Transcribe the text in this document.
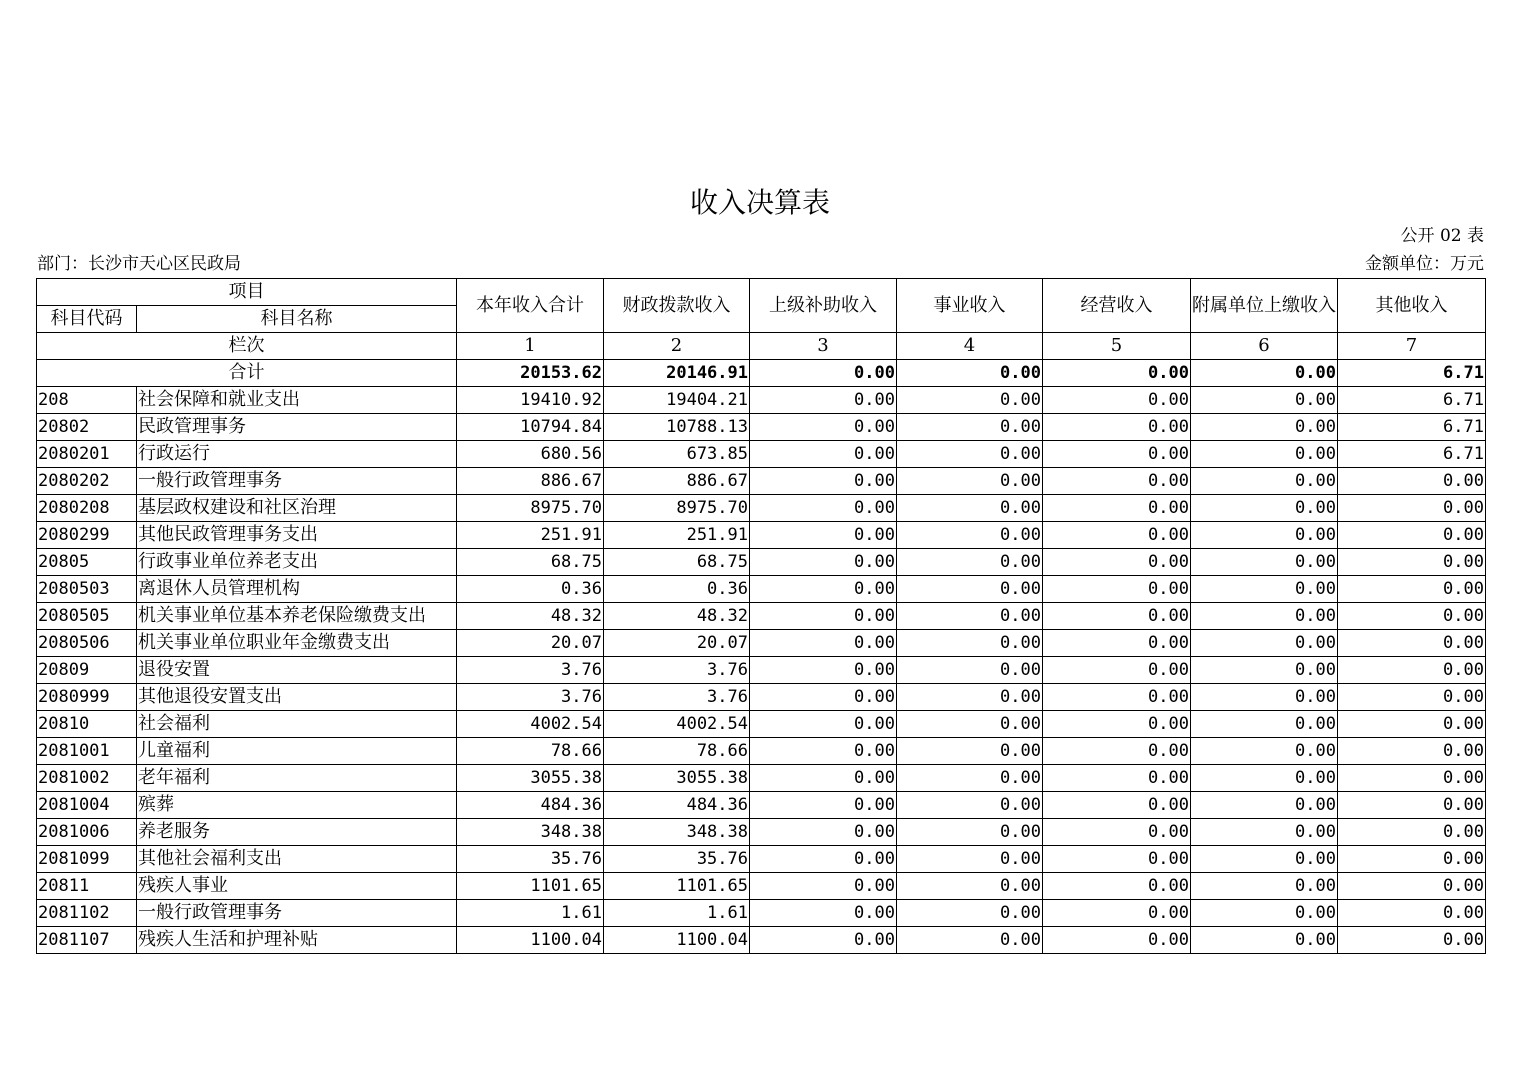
收入决算表
公开 02 表
部门：长沙市天心区民政局	金额单位：万元
项目		本年收入合计	财政拨款收入	上级补助收入	事业收入	经营收入	附属单位上缴收入	其他收入
科目代码	科目名称							
栏次		1	2	3	4	5	6	7
合计		20153.62	20146.91	0.00	0.00	0.00	0.00	6.71
208	社会保障和就业支出	19410.92	19404.21	0.00	0.00	0.00	0.00	6.71
20802	民政管理事务	10794.84	10788.13	0.00	0.00	0.00	0.00	6.71
2080201	行政运行	680.56	673.85	0.00	0.00	0.00	0.00	6.71
2080202	一般行政管理事务	886.67	886.67	0.00	0.00	0.00	0.00	0.00
2080208	基层政权建设和社区治理	8975.70	8975.70	0.00	0.00	0.00	0.00	0.00
2080299	其他民政管理事务支出	251.91	251.91	0.00	0.00	0.00	0.00	0.00
20805	行政事业单位养老支出	68.75	68.75	0.00	0.00	0.00	0.00	0.00
2080503	离退休人员管理机构	0.36	0.36	0.00	0.00	0.00	0.00	0.00
2080505	机关事业单位基本养老保险缴费支出	48.32	48.32	0.00	0.00	0.00	0.00	0.00
2080506	机关事业单位职业年金缴费支出	20.07	20.07	0.00	0.00	0.00	0.00	0.00
20809	退役安置	3.76	3.76	0.00	0.00	0.00	0.00	0.00
2080999	其他退役安置支出	3.76	3.76	0.00	0.00	0.00	0.00	0.00
20810	社会福利	4002.54	4002.54	0.00	0.00	0.00	0.00	0.00
2081001	儿童福利	78.66	78.66	0.00	0.00	0.00	0.00	0.00
2081002	老年福利	3055.38	3055.38	0.00	0.00	0.00	0.00	0.00
2081004	殡葬	484.36	484.36	0.00	0.00	0.00	0.00	0.00
2081006	养老服务	348.38	348.38	0.00	0.00	0.00	0.00	0.00
2081099	其他社会福利支出	35.76	35.76	0.00	0.00	0.00	0.00	0.00
20811	残疾人事业	1101.65	1101.65	0.00	0.00	0.00	0.00	0.00
2081102	一般行政管理事务	1.61	1.61	0.00	0.00	0.00	0.00	0.00
2081107	残疾人生活和护理补贴	1100.04	1100.04	0.00	0.00	0.00	0.00	0.00
